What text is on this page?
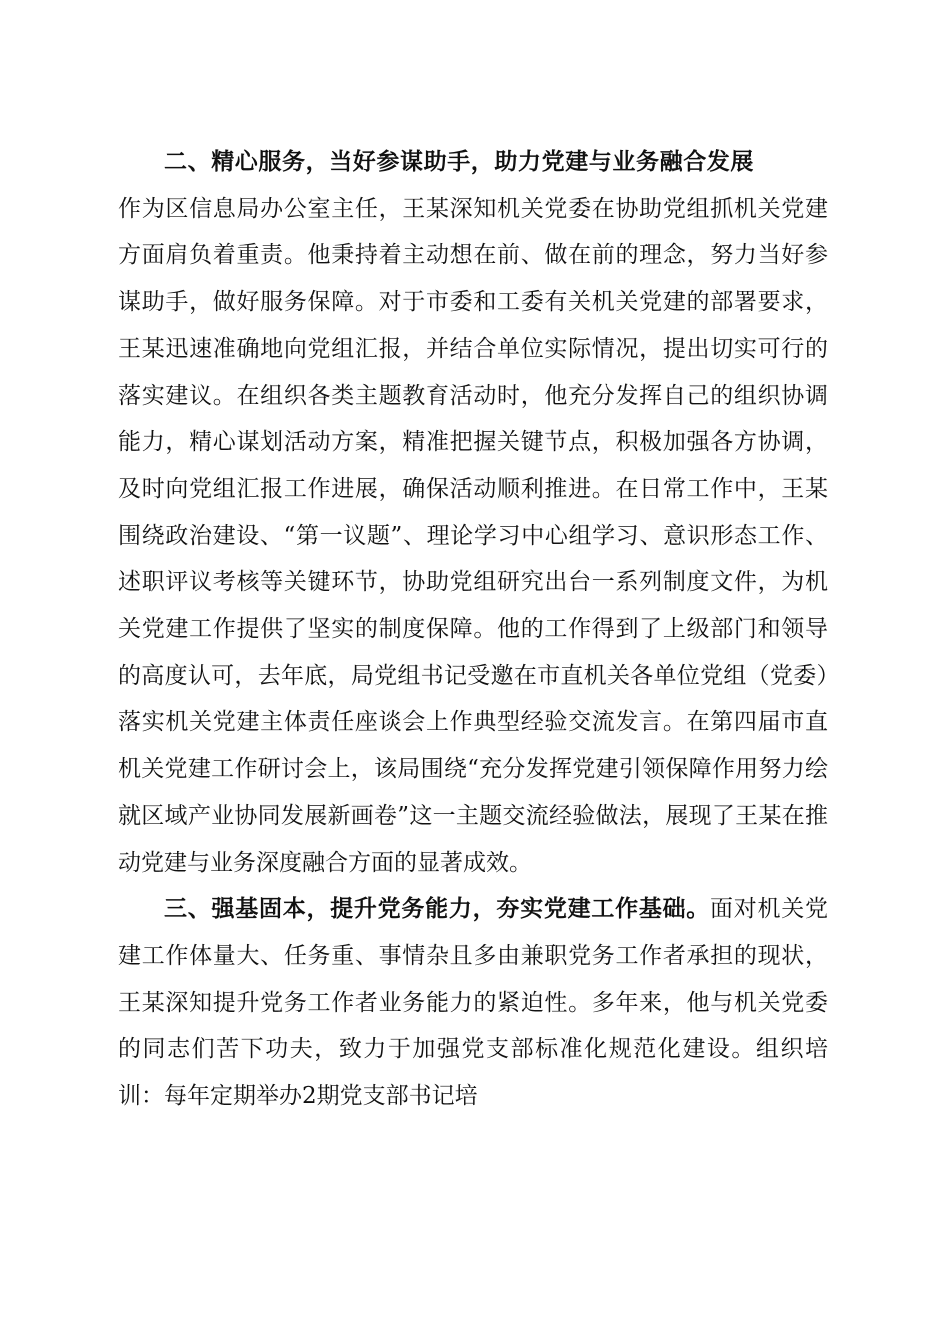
二、精心服务，当好参谋助手，助力党建与业务融合发展

作为区信息局办公室主任，王某深知机关党委在协助党组抓机关党建方面肩负着重责。他秉持着主动想在前、做在前的理念，努力当好参谋助手，做好服务保障。对于市委和工委有关机关党建的部署要求，王某迅速准确地向党组汇报，并结合单位实际情况，提出切实可行的落实建议。在组织各类主题教育活动时，他充分发挥自己的组织协调能力，精心谋划活动方案，精准把握关键节点，积极加强各方协调，及时向党组汇报工作进展，确保活动顺利推进。在日常工作中，王某围绕政治建设、“第一议题”、理论学习中心组学习、意识形态工作、述职评议考核等关键环节，协助党组研究出台一系列制度文件，为机关党建工作提供了坚实的制度保障。他的工作得到了上级部门和领导的高度认可，去年底，局党组书记受邀在市直机关各单位党组（党委）落实机关党建主体责任座谈会上作典型经验交流发言。在第四届市直机关党建工作研讨会上，该局围绕“充分发挥党建引领保障作用努力绘就区域产业协同发展新画卷”这一主题交流经验做法，展现了王某在推动党建与业务深度融合方面的显著成效。

三、强基固本，提升党务能力，夯实党建工作基础。面对机关党建工作体量大、任务重、事情杂且多由兼职党务工作者承担的现状，王某深知提升党务工作者业务能力的紧迫性。多年来，他与机关党委的同志们苦下功夫，致力于加强党支部标准化规范化建设。组织培训：每年定期举办2期党支部书记培
